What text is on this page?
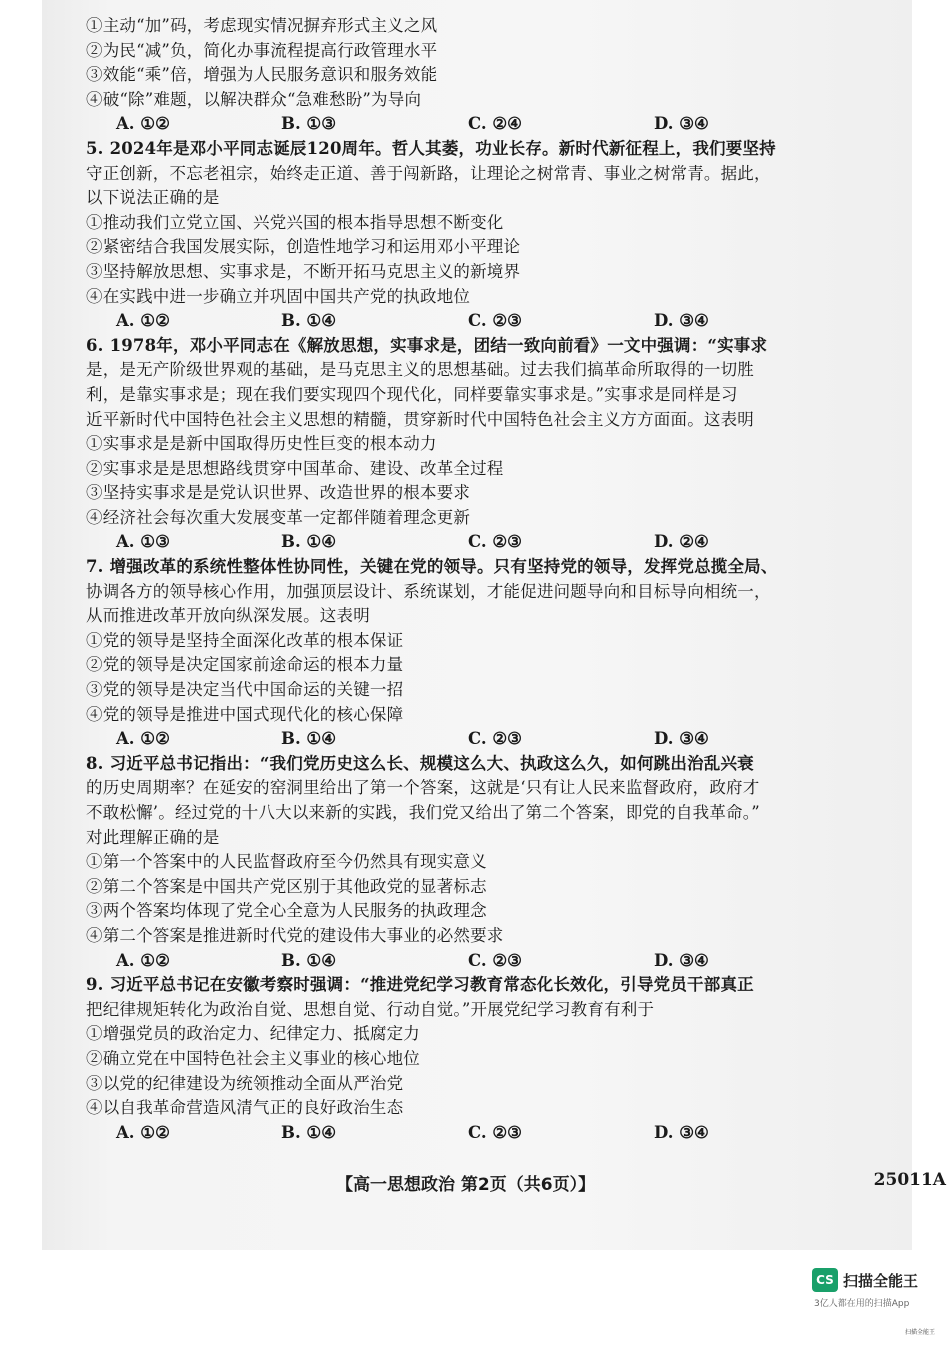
①主动“加”码，考虑现实情况摒弃形式主义之风
②为民“减”负，简化办事流程提高行政管理水平
③效能“乘”倍，增强为人民服务意识和服务效能
④破“除”难题，以解决群众“急难愁盼”为导向
A. ①②	B. ①③	C. ②④	D. ③④
5. 2024年是邓小平同志诞辰120周年。哲人其萎，功业长存。新时代新征程上，我们要坚持
守正创新，不忘老祖宗，始终走正道、善于闯新路，让理论之树常青、事业之树常青。据此，
以下说法正确的是
①推动我们立党立国、兴党兴国的根本指导思想不断变化
②紧密结合我国发展实际，创造性地学习和运用邓小平理论
③坚持解放思想、实事求是，不断开拓马克思主义的新境界
④在实践中进一步确立并巩固中国共产党的执政地位
A. ①②	B. ①④	C. ②③	D. ③④
6. 1978年，邓小平同志在《解放思想，实事求是，团结一致向前看》一文中强调：“实事求
是，是无产阶级世界观的基础，是马克思主义的思想基础。过去我们搞革命所取得的一切胜
利，是靠实事求是；现在我们要实现四个现代化，同样要靠实事求是。”实事求是同样是习
近平新时代中国特色社会主义思想的精髓，贯穿新时代中国特色社会主义方方面面。这表明
①实事求是是新中国取得历史性巨变的根本动力
②实事求是是思想路线贯穿中国革命、建设、改革全过程
③坚持实事求是是党认识世界、改造世界的根本要求
④经济社会每次重大发展变革一定都伴随着理念更新
A. ①③	B. ①④	C. ②③	D. ②④
7. 增强改革的系统性整体性协同性，关键在党的领导。只有坚持党的领导，发挥党总揽全局、
协调各方的领导核心作用，加强顶层设计、系统谋划，才能促进问题导向和目标导向相统一，
从而推进改革开放向纵深发展。这表明
①党的领导是坚持全面深化改革的根本保证
②党的领导是决定国家前途命运的根本力量
③党的领导是决定当代中国命运的关键一招
④党的领导是推进中国式现代化的核心保障
A. ①②	B. ①④	C. ②③	D. ③④
8. 习近平总书记指出：“我们党历史这么长、规模这么大、执政这么久，如何跳出治乱兴衰
的历史周期率？在延安的窑洞里给出了第一个答案，这就是‘只有让人民来监督政府，政府才
不敢松懈’。经过党的十八大以来新的实践，我们党又给出了第二个答案，即党的自我革命。”
对此理解正确的是
①第一个答案中的人民监督政府至今仍然具有现实意义
②第二个答案是中国共产党区别于其他政党的显著标志
③两个答案均体现了党全心全意为人民服务的执政理念
④第二个答案是推进新时代党的建设伟大事业的必然要求
A. ①②	B. ①④	C. ②③	D. ③④
9. 习近平总书记在安徽考察时强调：“推进党纪学习教育常态化长效化，引导党员干部真正
把纪律规矩转化为政治自觉、思想自觉、行动自觉。”开展党纪学习教育有利于
①增强党员的政治定力、纪律定力、抵腐定力
②确立党在中国特色社会主义事业的核心地位
③以党的纪律建设为统领推动全面从严治党
④以自我革命营造风清气正的良好政治生态
A. ①②	B. ①④	C. ②③	D. ③④
【高一思想政治 第2页（共6页）】	25011A
CS 扫描全能王
3亿人都在用的扫描App
扫描全能王
